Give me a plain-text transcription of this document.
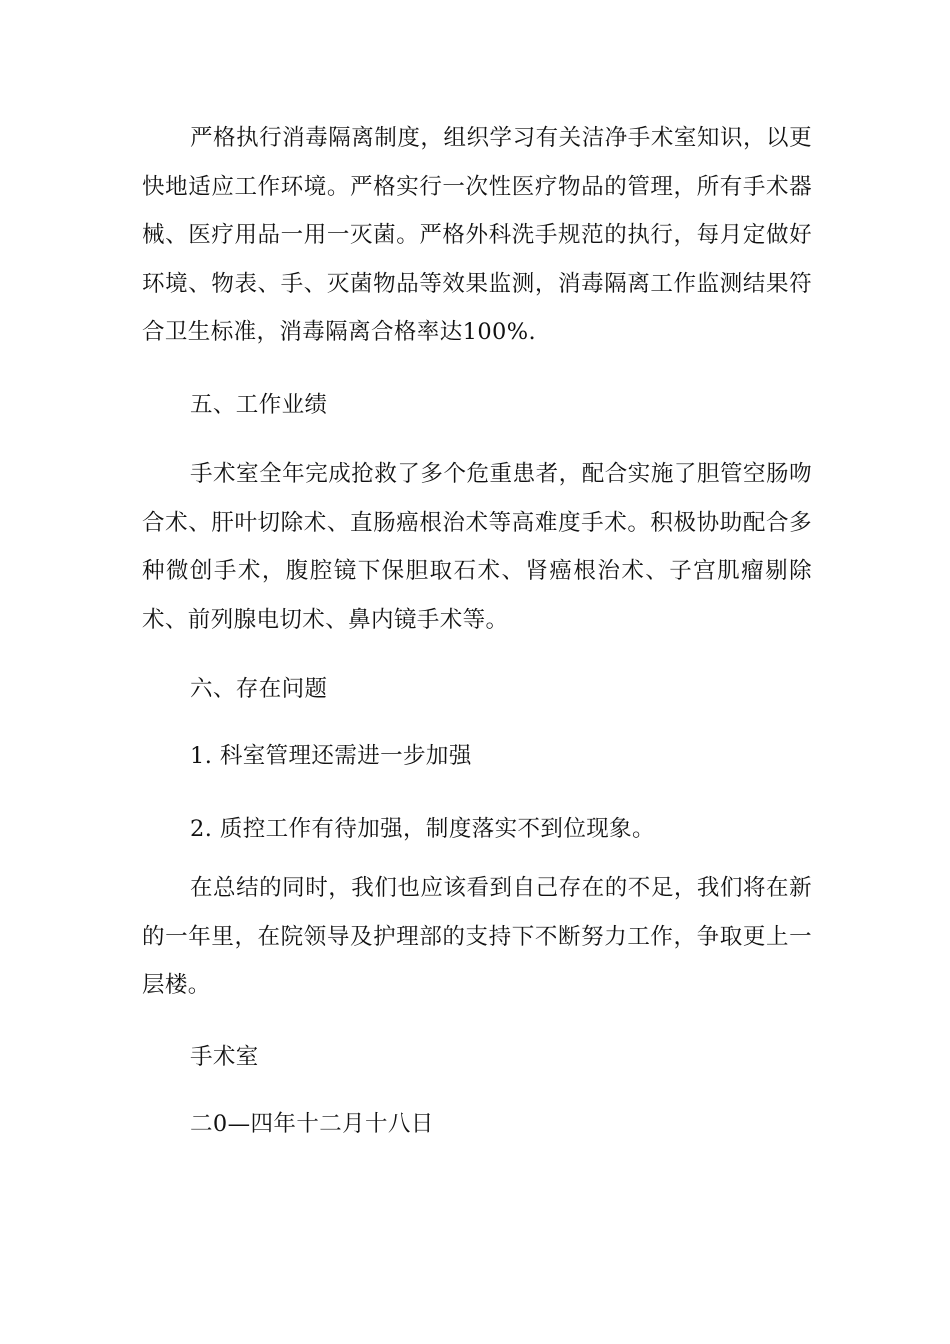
严格执行消毒隔离制度，组织学习有关洁净手术室知识，以更快地适应工作环境。严格实行一次性医疗物品的管理，所有手术器械、医疗用品一用一灭菌。严格外科洗手规范的执行，每月定做好环境、物表、手、灭菌物品等效果监测，消毒隔离工作监测结果符合卫生标准，消毒隔离合格率达100%.

五、工作业绩

手术室全年完成抢救了多个危重患者，配合实施了胆管空肠吻合术、肝叶切除术、直肠癌根治术等高难度手术。积极协助配合多种微创手术，腹腔镜下保胆取石术、肾癌根治术、子宫肌瘤剔除术、前列腺电切术、鼻内镜手术等。

六、存在问题

1. 科室管理还需进一步加强

2. 质控工作有待加强，制度落实不到位现象。

在总结的同时，我们也应该看到自己存在的不足，我们将在新的一年里，在院领导及护理部的支持下不断努力工作，争取更上一层楼。

手术室

二0—四年十二月十八日
